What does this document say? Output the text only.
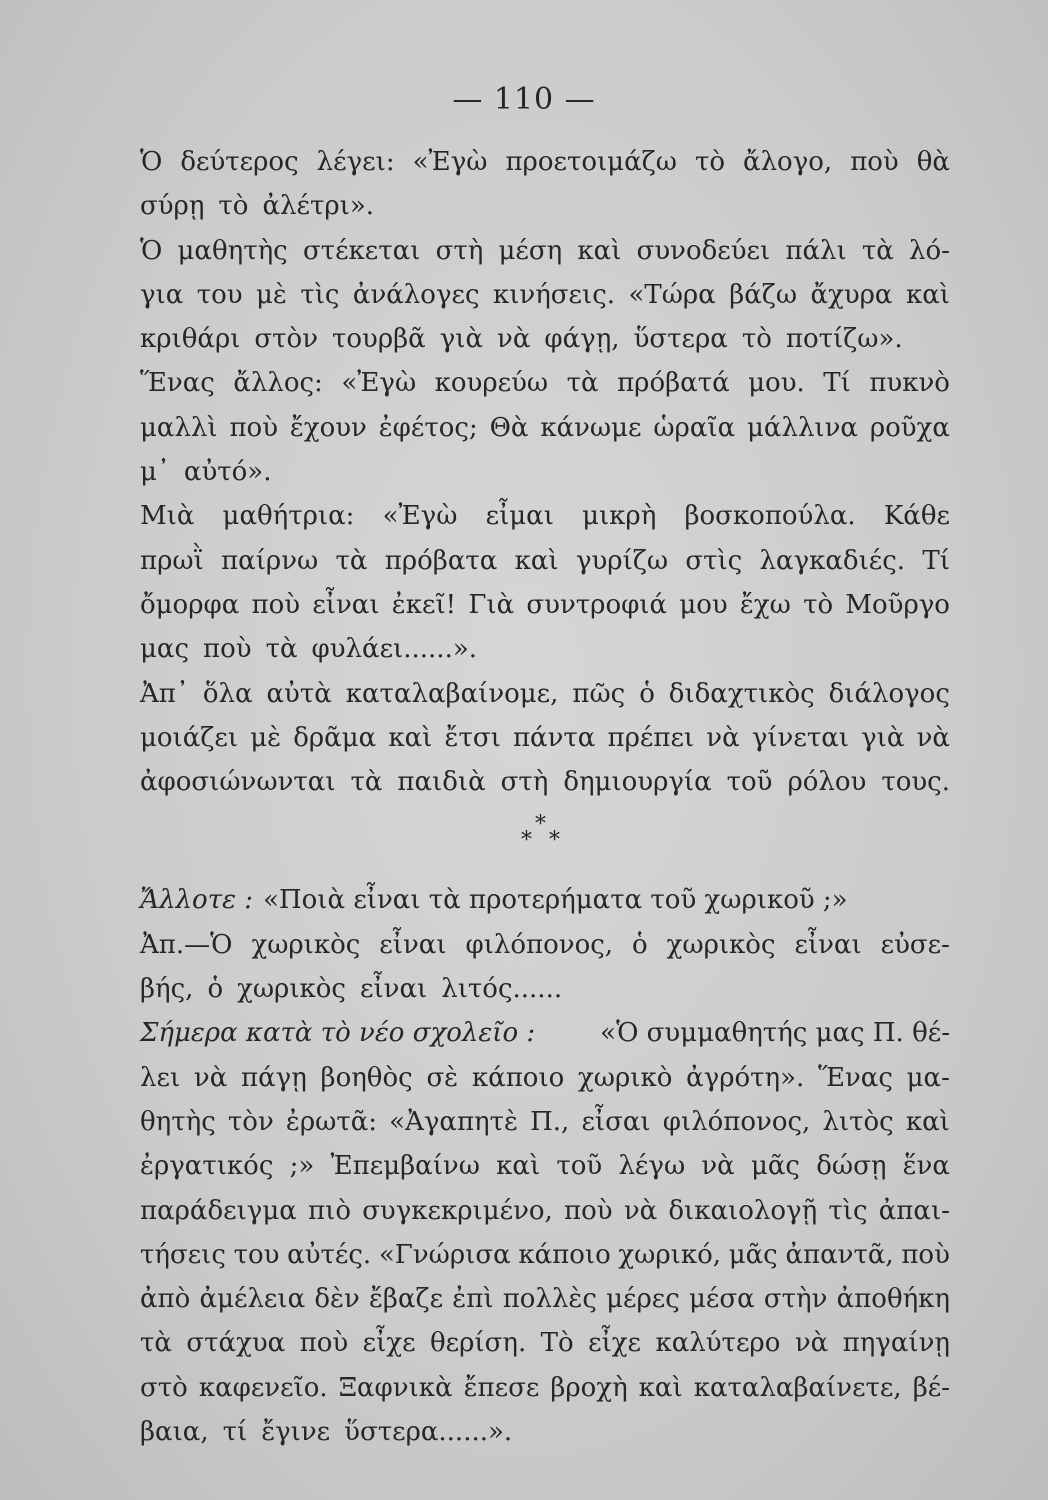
— 110 —
Ὁ δεύτερος λέγει: «Ἐγὼ προετοιμάζω τὸ ἄλογο, ποὺ θὰ
σύρῃ τὸ ἀλέτρι».
Ὁ μαθητὴς στέκεται στὴ μέση καὶ συνοδεύει πάλι τὰ λό-
για του μὲ τὶς ἀνάλογες κινήσεις. «Τώρα βάζω ἄχυρα καὶ
κριθάρι στὸν τουρβᾶ γιὰ νὰ φάγῃ, ὕστερα τὸ ποτίζω».
Ἕνας ἄλλος: «Ἐγὼ κουρεύω τὰ πρόβατά μου. Τί πυκνὸ
μαλλὶ ποὺ ἔχουν ἐφέτος; Θὰ κάνωμε ὡραῖα μάλλινα ροῦχα
μ᾿ αὐτό».
Μιὰ μαθήτρια: «Ἐγὼ εἶμαι μικρὴ βοσκοπούλα. Κάθε
πρωῒ παίρνω τὰ πρόβατα καὶ γυρίζω στὶς λαγκαδιές. Τί
ὄμορφα ποὺ εἶναι ἐκεῖ! Γιὰ συντροφιά μου ἔχω τὸ Μοῦργο
μας ποὺ τὰ φυλάει......».
Ἀπ᾿ ὅλα αὐτὰ καταλαβαίνομε, πῶς ὁ διδαχτικὸς διάλογος
μοιάζει μὲ δρᾶμα καὶ ἔτσι πάντα πρέπει νὰ γίνεται γιὰ νὰ
ἀφοσιώνωνται τὰ παιδιὰ στὴ δημιουργία τοῦ ρόλου τους.
*
* *
Ἄλλοτε : «Ποιὰ εἶναι τὰ προτερήματα τοῦ χωρικοῦ ;»
Ἀπ.—Ὁ χωρικὸς εἶναι φιλόπονος, ὁ χωρικὸς εἶναι εὐσε-
βής, ὁ χωρικὸς εἶναι λιτός......
Σήμερα κατὰ τὸ νέο σχολεῖο : «Ὁ συμμαθητής μας Π. θέ-
λει νὰ πάγῃ βοηθὸς σὲ κάποιο χωρικὸ ἀγρότη». Ἕνας μα-
θητὴς τὸν ἐρωτᾶ: «Ἀγαπητὲ Π., εἶσαι φιλόπονος, λιτὸς καὶ
ἐργατικός ;» Ἐπεμβαίνω καὶ τοῦ λέγω νὰ μᾶς δώσῃ ἕνα
παράδειγμα πιὸ συγκεκριμένο, ποὺ νὰ δικαιολογῇ τὶς ἀπαι-
τήσεις του αὐτές. «Γνώρισα κάποιο χωρικό, μᾶς ἀπαντᾶ, ποὺ
ἀπὸ ἀμέλεια δὲν ἔβαζε ἐπὶ πολλὲς μέρες μέσα στὴν ἀποθήκη
τὰ στάχυα ποὺ εἶχε θερίση. Τὸ εἶχε καλύτερο νὰ πηγαίνῃ
στὸ καφενεῖο. Ξαφνικὰ ἔπεσε βροχὴ καὶ καταλαβαίνετε, βέ-
βαια, τί ἔγινε ὕστερα......».
